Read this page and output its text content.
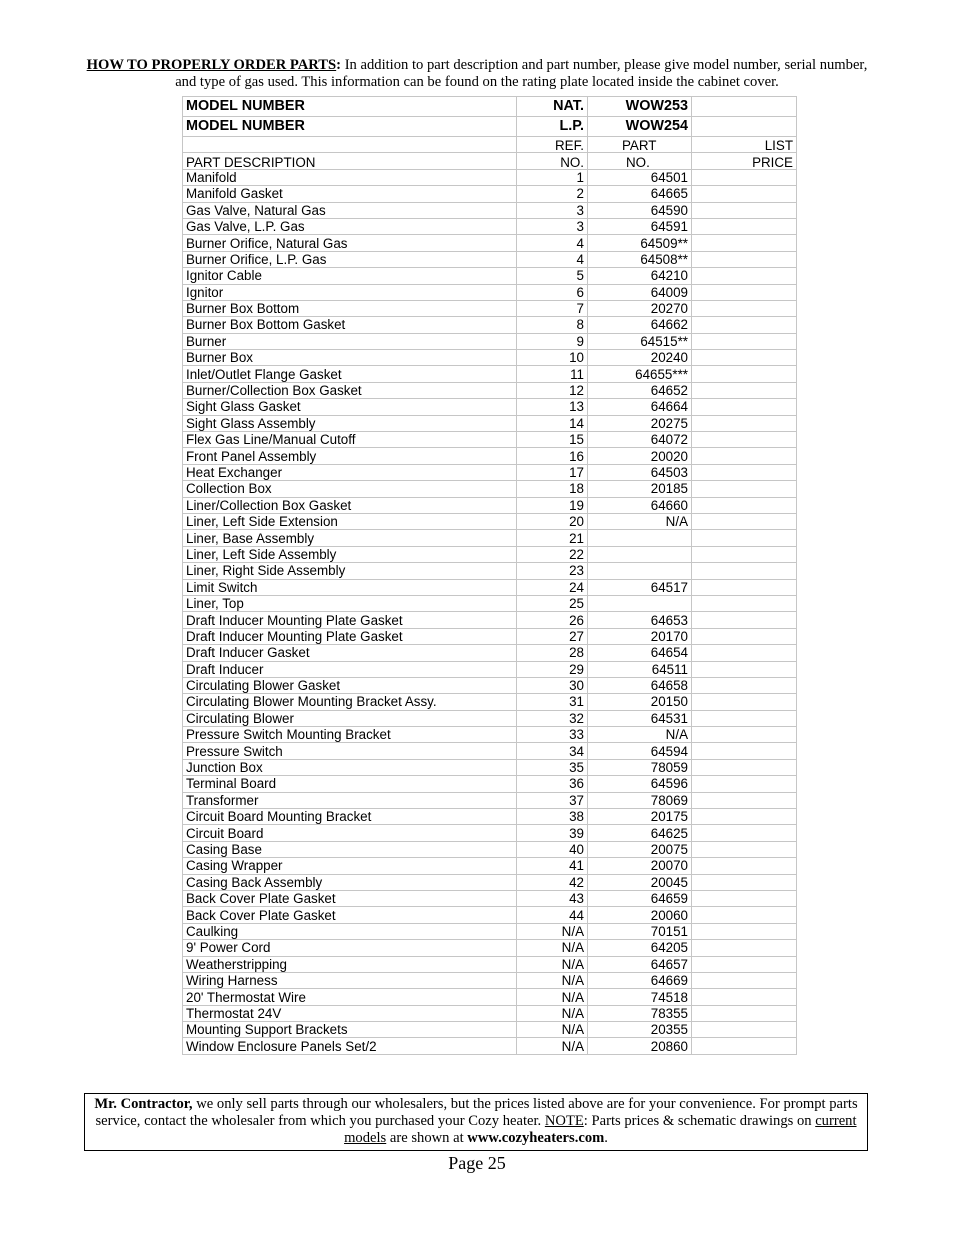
HOW TO PROPERLY ORDER PARTS: In addition to part description and part number, please give model number, serial number, and type of gas used. This information can be found on the rating plate located inside the cabinet cover.
MODEL NUMBER	NAT.	WOW253	
MODEL NUMBER	L.P.	WOW254	
	REF.	PART	LIST
PART DESCRIPTION	NO.	NO.	PRICE
Manifold	1	64501	
Manifold Gasket	2	64665	
Gas Valve, Natural Gas	3	64590	
Gas Valve, L.P. Gas	3	64591	
Burner Orifice, Natural Gas	4	64509**	
Burner Orifice, L.P. Gas	4	64508**	
Ignitor Cable	5	64210	
Ignitor	6	64009	
Burner Box Bottom	7	20270	
Burner Box Bottom Gasket	8	64662	
Burner	9	64515**	
Burner Box	10	20240	
Inlet/Outlet Flange Gasket	11	64655***	
Burner/Collection Box Gasket	12	64652	
Sight Glass Gasket	13	64664	
Sight Glass Assembly	14	20275	
Flex Gas Line/Manual Cutoff	15	64072	
Front Panel Assembly	16	20020	
Heat Exchanger	17	64503	
Collection Box	18	20185	
Liner/Collection Box Gasket	19	64660	
Liner, Left Side Extension	20	N/A	
Liner, Base Assembly	21		
Liner, Left Side Assembly	22		
Liner, Right Side Assembly	23		
Limit Switch	24	64517	
Liner, Top	25		
Draft Inducer Mounting Plate Gasket	26	64653	
Draft Inducer Mounting Plate Gasket	27	20170	
Draft Inducer Gasket	28	64654	
Draft Inducer	29	64511	
Circulating Blower Gasket	30	64658	
Circulating Blower Mounting Bracket Assy.	31	20150	
Circulating Blower	32	64531	
Pressure Switch Mounting Bracket	33	N/A	
Pressure Switch	34	64594	
Junction Box	35	78059	
Terminal Board	36	64596	
Transformer	37	78069	
Circuit Board Mounting Bracket	38	20175	
Circuit Board	39	64625	
Casing Base	40	20075	
Casing Wrapper	41	20070	
Casing Back Assembly	42	20045	
Back Cover Plate Gasket	43	64659	
Back Cover Plate Gasket	44	20060	
Caulking	N/A	70151	
9' Power Cord	N/A	64205	
Weatherstripping	N/A	64657	
Wiring Harness	N/A	64669	
20' Thermostat Wire	N/A	74518	
Thermostat 24V	N/A	78355	
Mounting Support Brackets	N/A	20355	
Window Enclosure Panels Set/2	N/A	20860	
Mr. Contractor, we only sell parts through our wholesalers, but the prices listed above are for your convenience. For prompt parts service, contact the wholesaler from which you purchased your Cozy heater. NOTE: Parts prices & schematic drawings on current models are shown at www.cozyheaters.com.
Page 25
